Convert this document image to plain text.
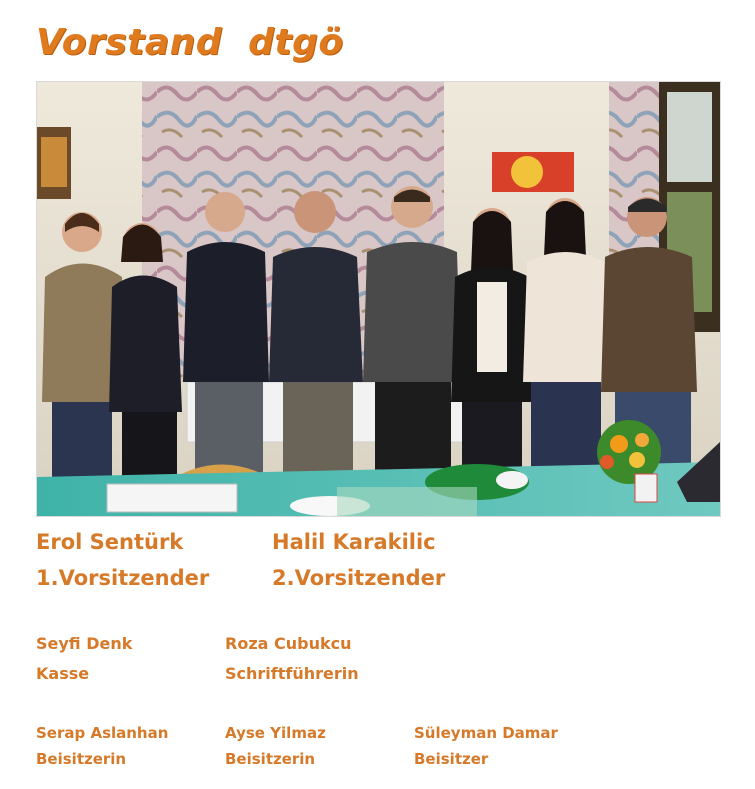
Vorstand  dtgö
Erol Sentürk
1.Vorsitzender
Halil Karakilic
2.Vorsitzender
Seyfi Denk
Kasse
Roza Cubukcu
Schriftführerin
Serap Aslanhan
Beisitzerin
Ayse Yilmaz
Beisitzerin
Süleyman Damar
Beisitzer
